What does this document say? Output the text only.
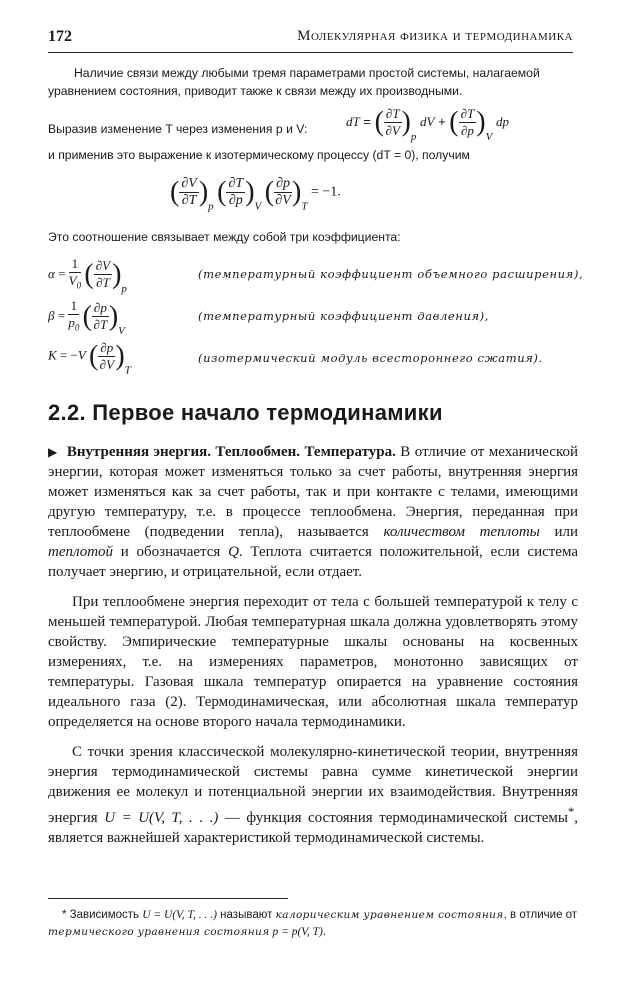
172	Молекулярная физика и термодинамика
Наличие связи между любыми тремя параметрами простой системы, налагаемой уравнением состояния, приводит также к связи между их производными.
Выразив изменение T через изменения p и V:
dT = ( $\frac{\partial T}{\partial V} )_p$ dV + ( $\frac{\partial T}{\partial p} )_V$ dp
и применив это выражение к изотермическому процессу (dT = 0), получим
( $\frac{\partial V}{\partial T} )_p$ ( $\frac{\partial T}{\partial p} )_V$ ( $\frac{\partial p}{\partial V} )_T = -1$.
Это соотношение связывает между собой три коэффициента:
$\alpha = \frac{1}{V_0}$ ( $\frac{\partial V}{\partial T} )_p$
(температурный коэффициент объемного расширения),
$\beta = \frac{1}{p_0}$ ( $\frac{\partial p}{\partial T} )_V$
(температурный коэффициент давления),
K = −V ( $\frac{\partial p}{\partial V} )_T$
(изотермический модуль всестороннего сжатия).
2.2. Первое начало термодинамики

▶ Внутренняя энергия. Теплообмен. Температура. В отличие от механической энергии, которая может изменяться только за счет работы, внутренняя энергия может изменяться как за счет работы, так и при контакте с телами, имеющими другую температуру, т.е. в процессе теплообмена. Энергия, переданная при теплообмене (подведении тепла), называется количеством теплоты или теплотой и обозначается Q. Теплота считается положительной, если система получает энергию, и отрицательной, если отдает.

При теплообмене энергия переходит от тела с большей температурой к телу с меньшей температурой. Любая температурная шкала должна удовлетворять этому свойству. Эмпирические температурные шкалы основаны на косвенных измерениях, т.е. на измерениях параметров, монотонно зависящих от температуры. Газовая шкала температур опирается на уравнение состояния идеального газа (2). Термодинамическая, или абсолютная шкала температур определяется на основе второго начала термодинамики.

С точки зрения классической молекулярно-кинетической теории, внутренняя энергия термодинамической системы равна сумме кинетической энергии движения ее молекул и потенциальной энергии их взаимодействия. Внутренняя энергия U = U(V, T, . . .) — функция состояния термодинамической системы*, является важнейшей характеристикой термодинамической системы.

* Зависимость U = U(V, T, . . .) называют калорическим уравнением состояния, в отличие от термического уравнения состояния p = p(V, T).
